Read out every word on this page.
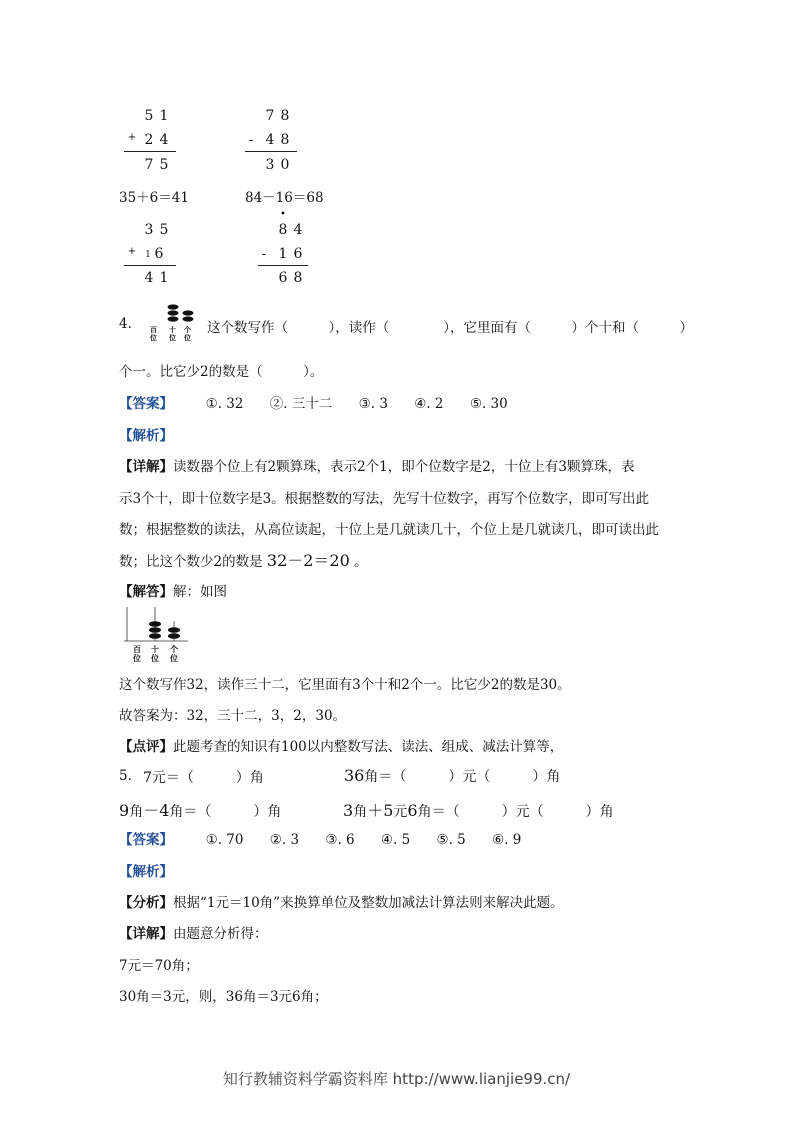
5 1
+ 2 4
7 5
7 8
- 4 8
3 0
35＋6＝41	84－16＝68
3 5
+ 1 6
4 1
•
8 4
- 1 6
6 8
4.	百
位
十
位
个
位
这个数写作（　　　），读作（　　　　），它里面有（　　　）个十和（　　　）
个一。比它少2的数是（　　　）。
【答案】 ①. 32 ②. 三十二 ③. 3 ④. 2 ⑤. 30
【解析】
【详解】读数器个位上有2颗算珠，表示2个1，即个位数字是2，十位上有3颗算珠，表
示3个十，即十位数字是3。根据整数的写法，先写十位数字，再写个位数字，即可写出此
数；根据整数的读法，从高位读起，十位上是几就读几十，个位上是几就读几，即可读出此
数；比这个数少2的数是 32－2＝20 。
【解答】解：如图
百
位
十
位
个
位
这个数写作32，读作三十二，它里面有3个十和2个一。比它少2的数是30。
故答案为：32，三十二，3，2，30。
【点评】此题考查的知识有100以内整数写法、读法、组成、减法计算等，
5. 7元＝（　　　）角	36角＝（　　　）元（　　　）角
9角－4角＝（　　　）角	3角＋5元6角＝（　　　）元（　　　）角
【答案】 ①. 70 ②. 3 ③. 6 ④. 5 ⑤. 5 ⑥. 9
【解析】
【分析】根据“1元＝10角”来换算单位及整数加减法计算法则来解决此题。
【详解】由题意分析得：
7元＝70角；
30角＝3元，则，36角＝3元6角；
知行教辅资料学霸资料库 http://www.lianjie99.cn/
